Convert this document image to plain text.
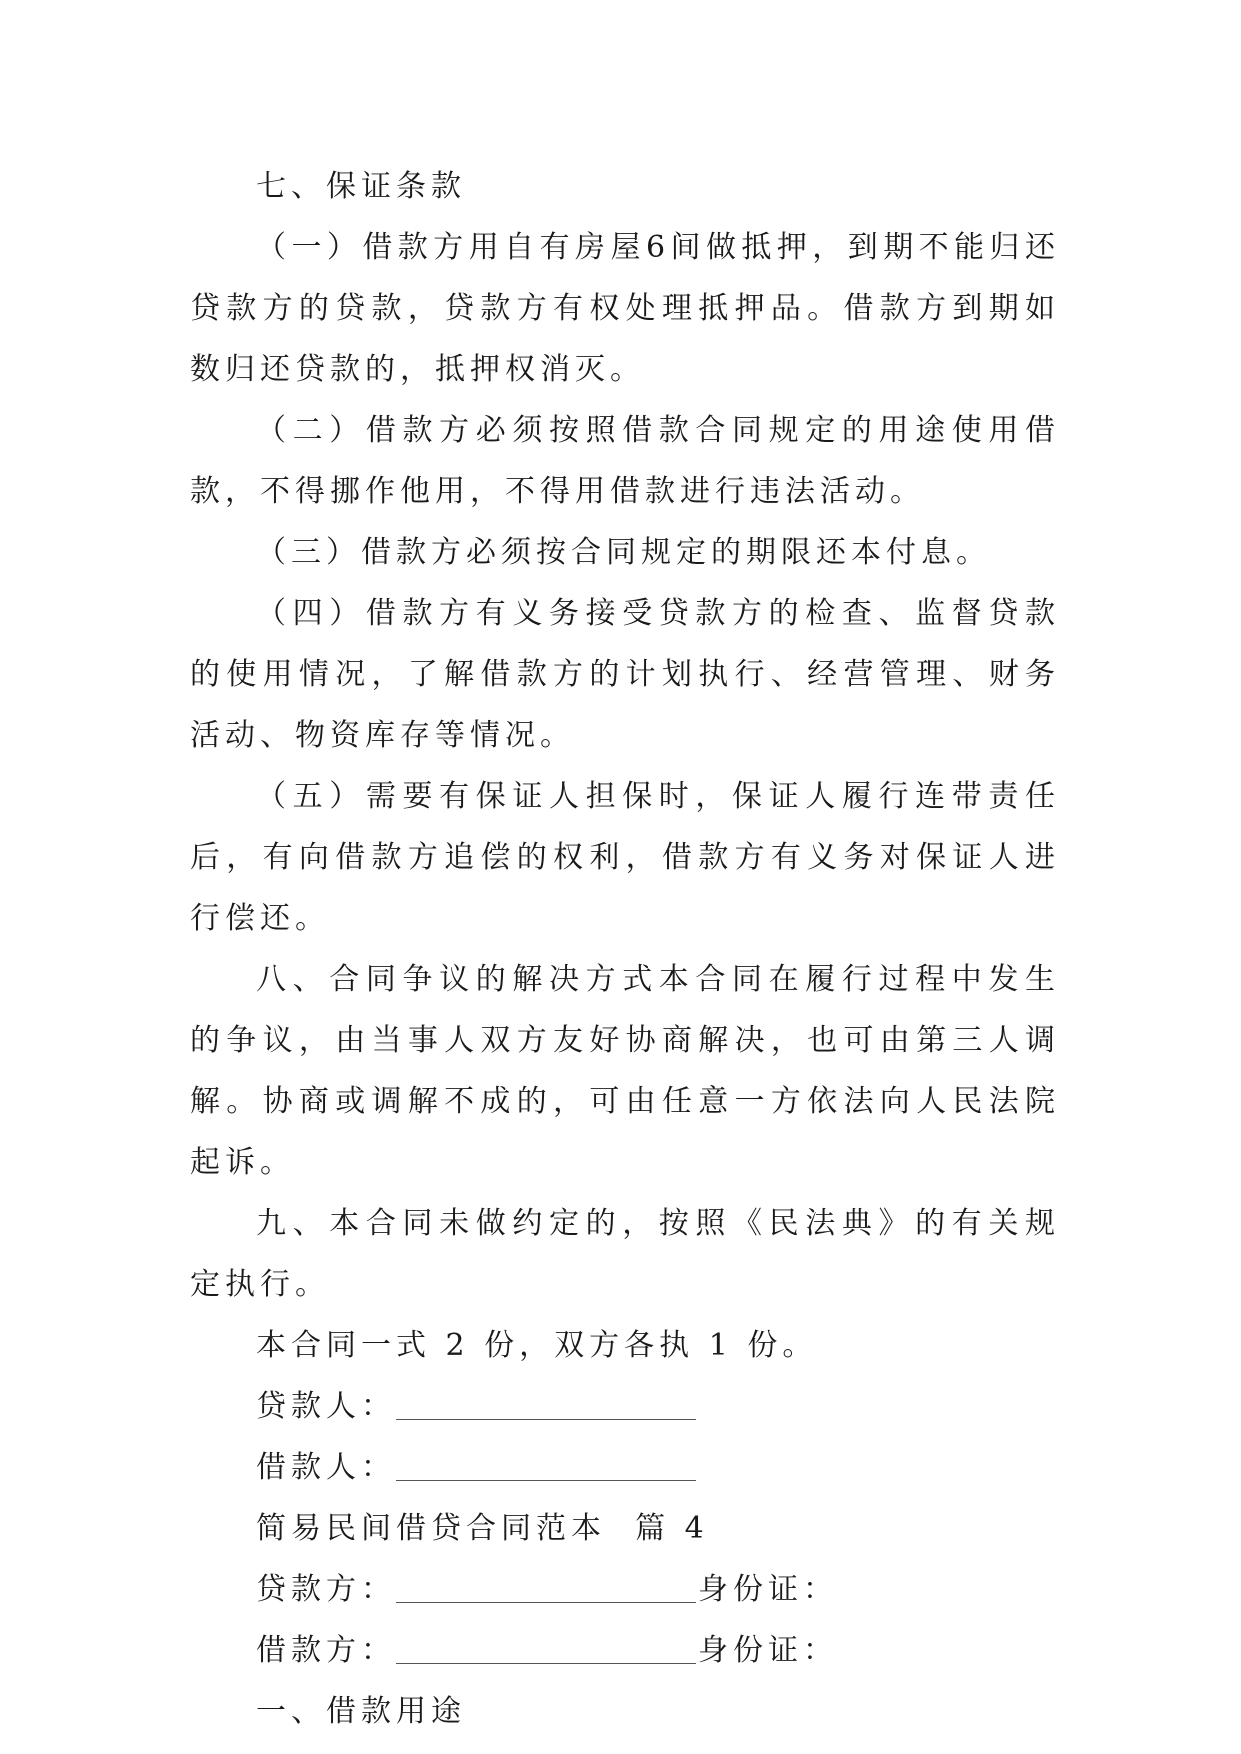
七、保证条款

（一）借款方用自有房屋6间做抵押，到期不能归还贷款方的贷款，贷款方有权处理抵押品。借款方到期如数归还贷款的，抵押权消灭。

（二）借款方必须按照借款合同规定的用途使用借款，不得挪作他用，不得用借款进行违法活动。

（三）借款方必须按合同规定的期限还本付息。

（四）借款方有义务接受贷款方的检查、监督贷款的使用情况，了解借款方的计划执行、经营管理、财务活动、物资库存等情况。

（五）需要有保证人担保时，保证人履行连带责任后，有向借款方追偿的权利，借款方有义务对保证人进行偿还。

八、合同争议的解决方式本合同在履行过程中发生的争议，由当事人双方友好协商解决，也可由第三人调解。协商或调解不成的，可由任意一方依法向人民法院起诉。

九、本合同未做约定的，按照《民法典》的有关规定执行。

本合同一式 2 份，双方各执 1 份。

贷款人：

借款人：

简易民间借贷合同范本  篇 4

贷款方：	身份证：

借款方：	身份证：

一、借款用途
